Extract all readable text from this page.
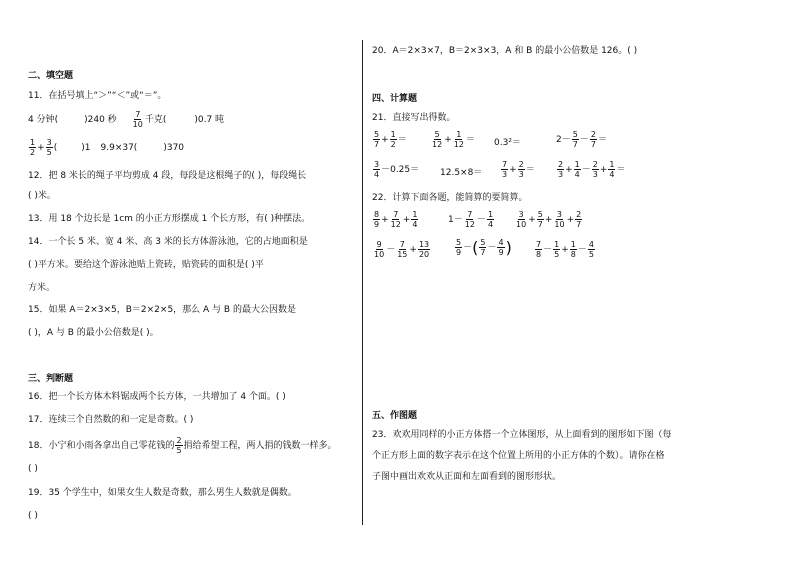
二、填空题
11．在括号填上“＞”“＜”或“＝”。
4 分钟(	)240 秒 $\frac{7}{10}$ 千克(	)0.7 吨
$\frac{1}{2} + \frac{3}{5}$ (	)1 9.9×37(	)370
12．把 8 米长的绳子平均剪成 4 段，每段是这根绳子的( )，每段绳长
( )米。
13．用 18 个边长是 1cm 的小正方形摆成 1 个长方形，有( )种摆法。
14．一个长 5 米、宽 4 米、高 3 米的长方体游泳池，它的占地面积是
( )平方米。要给这个游泳池贴上瓷砖，贴瓷砖的面积是( )平
方米。
15．如果 A＝2×3×5，B＝2×2×5，那么 A 与 B 的最大公因数是
( )，A 与 B 的最小公倍数是( )。
三、判断题
16．把一个长方体木料锯成两个长方体，一共增加了 4 个面。( )
17．连续三个自然数的和一定是奇数。( )
18．小宁和小雨各拿出自己零花钱的 $\frac{2}{5}$ 捐给希望工程，两人捐的钱数一样多。
( )
19．35 个学生中，如果女生人数是奇数，那么男生人数就是偶数。
( )
20．A＝2×3×7，B＝2×3×3，A 和 B 的最小公倍数是 126。( )
四、计算题
21．直接写出得数。
$\frac{5}{7} + \frac{1}{2}$ ＝	$\frac{5}{12} + \frac{1}{12} = 0.3^2=$	$2- \frac{5}{7} - \frac{2}{7}$ ＝
$\frac{3}{4} -0.25= 12.5\times 8= \frac{7}{3} + \frac{2}{3}$ ＝	$\frac{2}{3} + \frac{1}{4} - \frac{2}{3} + \frac{1}{4}$ ＝
22．计算下面各题，能简算的要简算。
$\frac{8}{9} + \frac{7}{12} + \frac{1}{4}$	$1- \frac{7}{12} - \frac{1}{4}$	$\frac{3}{10} + \frac{5}{7} + \frac{3}{10} + \frac{2}{7}$
$\frac{9}{10} - \frac{7}{15} + \frac{13}{20}$	$\frac{5}{9}$ － ( $\frac{5}{7} - \frac{4}{9}$ )	$\frac{7}{8} - \frac{1}{5} + \frac{1}{8} - \frac{4}{5}$
五、作图题
23．欢欢用同样的小正方体搭一个立体图形，从上面看到的图形如下图（每
个正方形上面的数字表示在这个位置上所用的小正方体的个数）。请你在格
子图中画出欢欢从正面和左面看到的图形形状。
